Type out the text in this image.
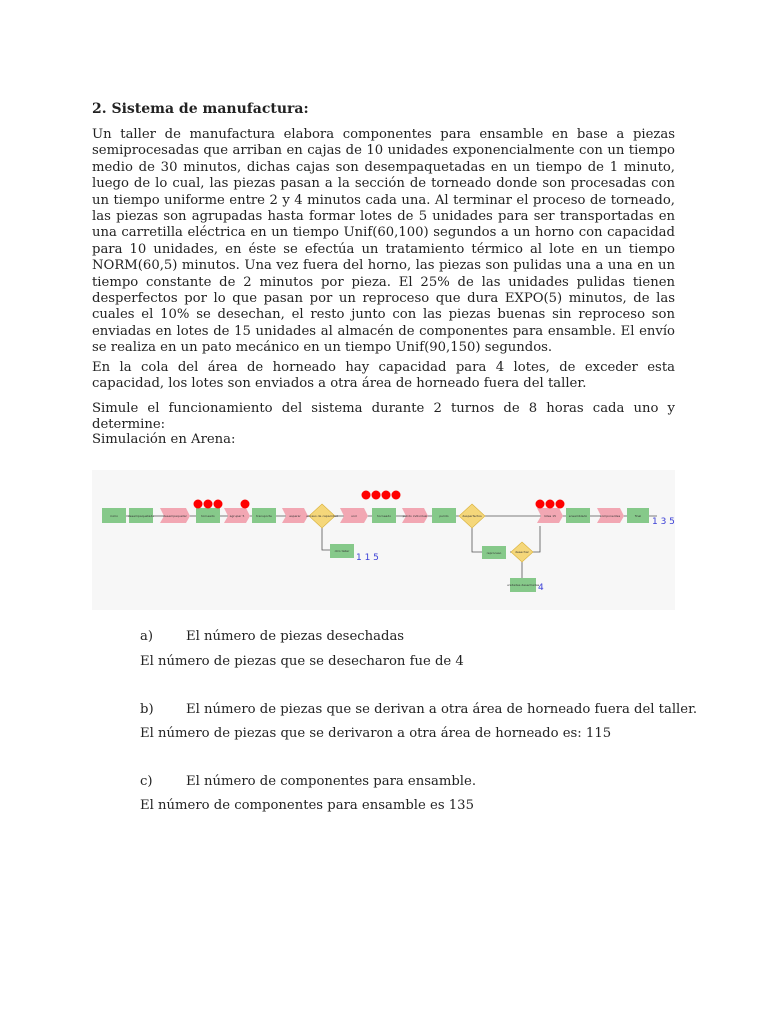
2. Sistema de manufactura:
Un taller de manufactura elabora componentes para ensamble en base a piezas semiprocesadas que arriban en cajas de 10 unidades exponencialmente con un tiempo medio de 30 minutos, dichas cajas son desempaquetadas en un tiempo de 1 minuto, luego de lo cual, las piezas pasan a la sección de torneado donde son procesadas con un tiempo uniforme entre 2 y 4 minutos cada una. Al terminar el proceso de torneado, las piezas son agrupadas hasta formar lotes de 5 unidades para ser transportadas en una carretilla eléctrica en un tiempo Unif(60,100) segundos a un horno con capacidad para 10 unidades, en éste se efectúa un tratamiento térmico al lote en un tiempo NORM(60,5) minutos. Una vez fuera del horno, las piezas son pulidas una a una en un tiempo constante de 2 minutos por pieza. El 25% de las unidades pulidas tienen desperfectos por lo que pasan por un reproceso que dura EXPO(5) minutos, de las cuales el 10% se desechan, el resto junto con las piezas buenas sin reproceso son enviadas en lotes de 15 unidades al almacén de componentes para ensamble. El envío se realiza en un pato mecánico en un tiempo Unif(90,150) segundos.
En la cola del área de horneado hay capacidad para 4 lotes, de exceder esta capacidad, los lotes son enviados a otra área de horneado fuera del taller.
Simule el funcionamiento del sistema durante 2 turnos de 8 horas cada uno y determine:
Simulación en Arena:
inicio	desempaquetado	desempaquetar	torneado	agrupar 5	transporte	esperar exceso de capacidad	unir	horneado	pulido individual	pulido	desperfectos	lotes 15	ensamblado	componentes	final
otro taller	reproceso	desechar
unidades desechadas
1 1 5
1 3 5
4
a) El número de piezas desechadas
El número de piezas que se desecharon fue de 4
b) El número de piezas que se derivan a otra área de horneado fuera del taller.
El número de piezas que se derivaron a otra área de horneado es: 115
c)	El número de componentes para ensamble.
El número de componentes para ensamble es 135
